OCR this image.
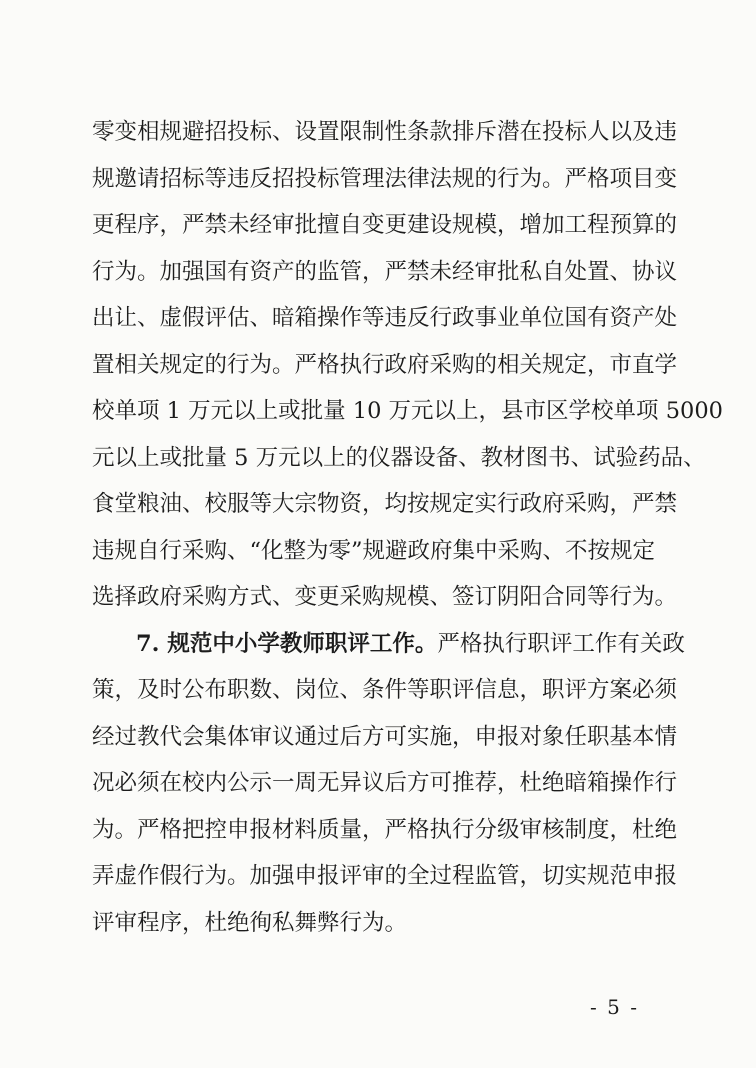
零变相规避招投标、设置限制性条款排斥潜在投标人以及违
规邀请招标等违反招投标管理法律法规的行为。严格项目变
更程序，严禁未经审批擅自变更建设规模，增加工程预算的
行为。加强国有资产的监管，严禁未经审批私自处置、协议
出让、虚假评估、暗箱操作等违反行政事业单位国有资产处
置相关规定的行为。严格执行政府采购的相关规定，市直学
校单项 1 万元以上或批量 10 万元以上，县市区学校单项 5000
元以上或批量 5 万元以上的仪器设备、教材图书、试验药品、
食堂粮油、校服等大宗物资，均按规定实行政府采购，严禁
违规自行采购、“化整为零”规避政府集中采购、不按规定
选择政府采购方式、变更采购规模、签订阴阳合同等行为。
7. 规范中小学教师职评工作。严格执行职评工作有关政
策，及时公布职数、岗位、条件等职评信息，职评方案必须
经过教代会集体审议通过后方可实施，申报对象任职基本情
况必须在校内公示一周无异议后方可推荐，杜绝暗箱操作行
为。严格把控申报材料质量，严格执行分级审核制度，杜绝
弄虚作假行为。加强申报评审的全过程监管，切实规范申报
评审程序，杜绝徇私舞弊行为。
- 5 -
